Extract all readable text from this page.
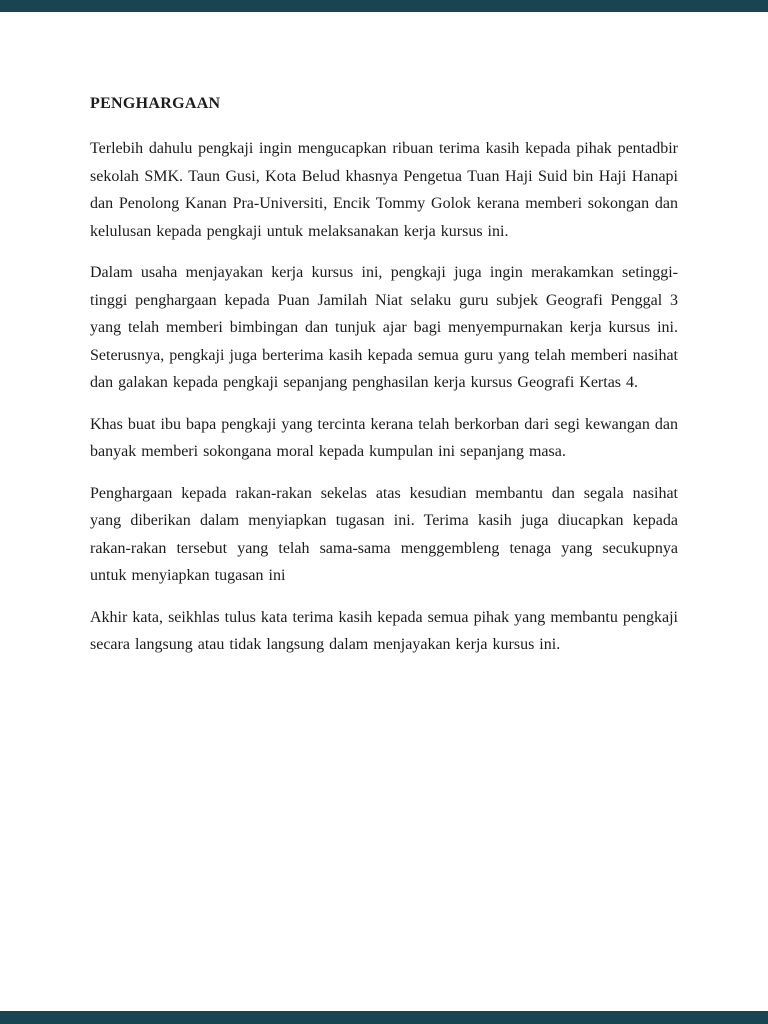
PENGHARGAAN

Terlebih dahulu pengkaji ingin mengucapkan ribuan terima kasih kepada pihak pentadbir sekolah SMK. Taun Gusi, Kota Belud khasnya Pengetua Tuan Haji Suid bin Haji Hanapi dan Penolong Kanan Pra-Universiti, Encik Tommy Golok kerana memberi sokongan dan kelulusan kepada pengkaji untuk melaksanakan kerja kursus ini.

Dalam usaha menjayakan kerja kursus ini, pengkaji juga ingin merakamkan setinggi-tinggi penghargaan kepada Puan Jamilah Niat selaku guru subjek Geografi Penggal 3 yang telah memberi bimbingan dan tunjuk ajar bagi menyempurnakan kerja kursus ini. Seterusnya, pengkaji juga berterima kasih kepada semua guru yang telah memberi nasihat dan galakan kepada pengkaji sepanjang penghasilan kerja kursus Geografi Kertas 4.

Khas buat ibu bapa pengkaji yang tercinta kerana telah berkorban dari segi kewangan dan banyak memberi sokongana moral kepada kumpulan ini sepanjang masa.

Penghargaan kepada rakan-rakan sekelas atas kesudian membantu dan segala nasihat yang diberikan dalam menyiapkan tugasan ini. Terima kasih juga diucapkan kepada rakan-rakan tersebut yang telah sama-sama menggembleng tenaga yang secukupnya untuk menyiapkan tugasan ini

Akhir kata, seikhlas tulus kata terima kasih kepada semua pihak yang membantu pengkaji secara langsung atau tidak langsung dalam menjayakan kerja kursus ini.
